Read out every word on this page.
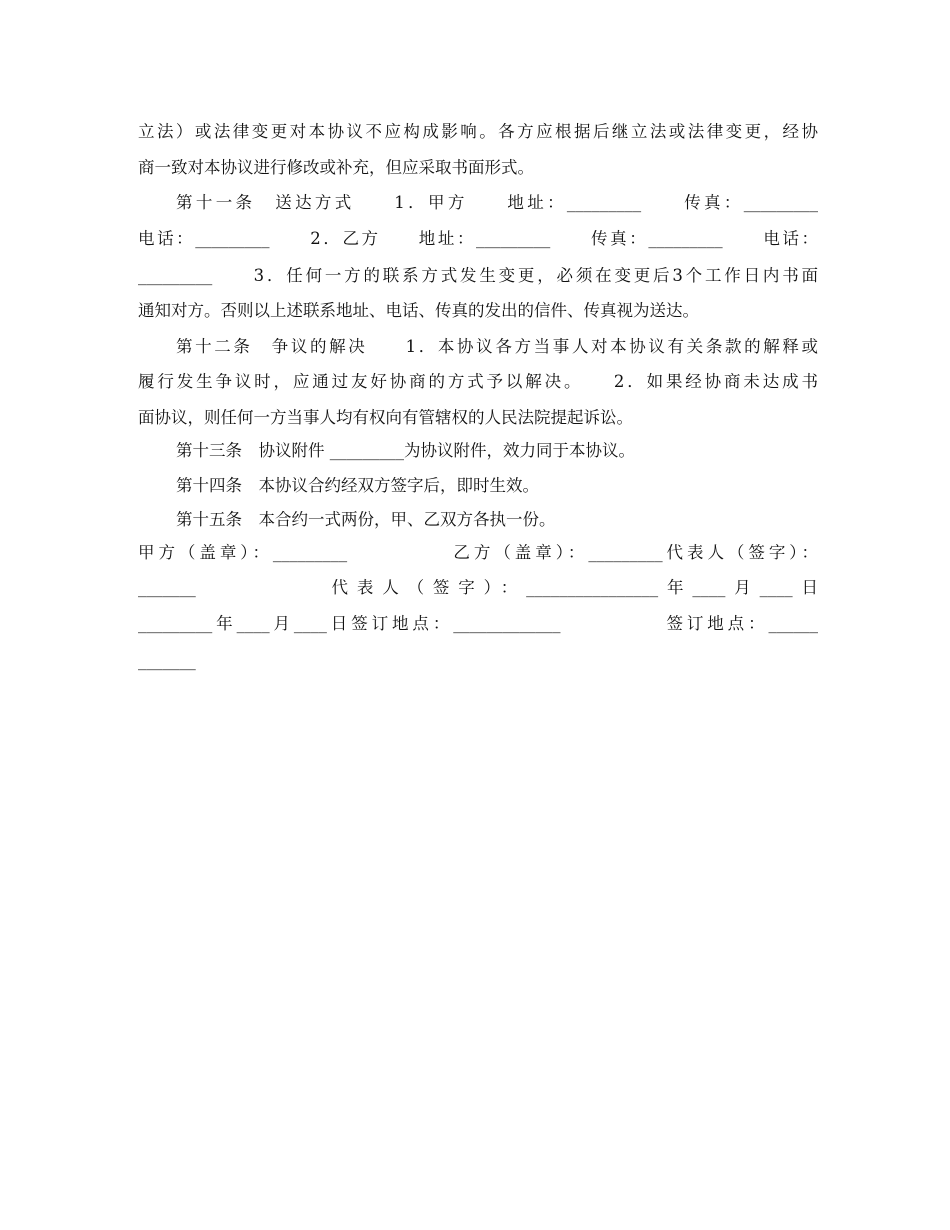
立法）或法律变更对本协议不应构成影响。各方应根据后继立法或法律变更，经协
商一致对本协议进行修改或补充，但应采取书面形式。
第十一条　送达方式　　1．甲方　　地址：_________　　传真：_________
电话：_________　　2．乙方　　地址：_________　　传真：_________　　电话：
_________　　3．任何一方的联系方式发生变更，必须在变更后3个工作日内书面
通知对方。否则以上述联系地址、电话、传真的发出的信件、传真视为送达。
第十二条　争议的解决　　1．本协议各方当事人对本协议有关条款的解释或
履行发生争议时，应通过友好协商的方式予以解决。　　2．如果经协商未达成书
面协议，则任何一方当事人均有权向有管辖权的人民法院提起诉讼。
第十三条　协议附件 _________为协议附件，效力同于本协议。
第十四条　本协议合约经双方签字后，即时生效。
第十五条　本合约一式两份，甲、乙双方各执一份。
甲方（盖章）：_________　　　　　乙方（盖章）：_________代表人（签字）：
_______　　　　　代表人（签字）：________________年____月____日
_________年____月____日签订地点：_____________　　　　　签订地点：______
_______
